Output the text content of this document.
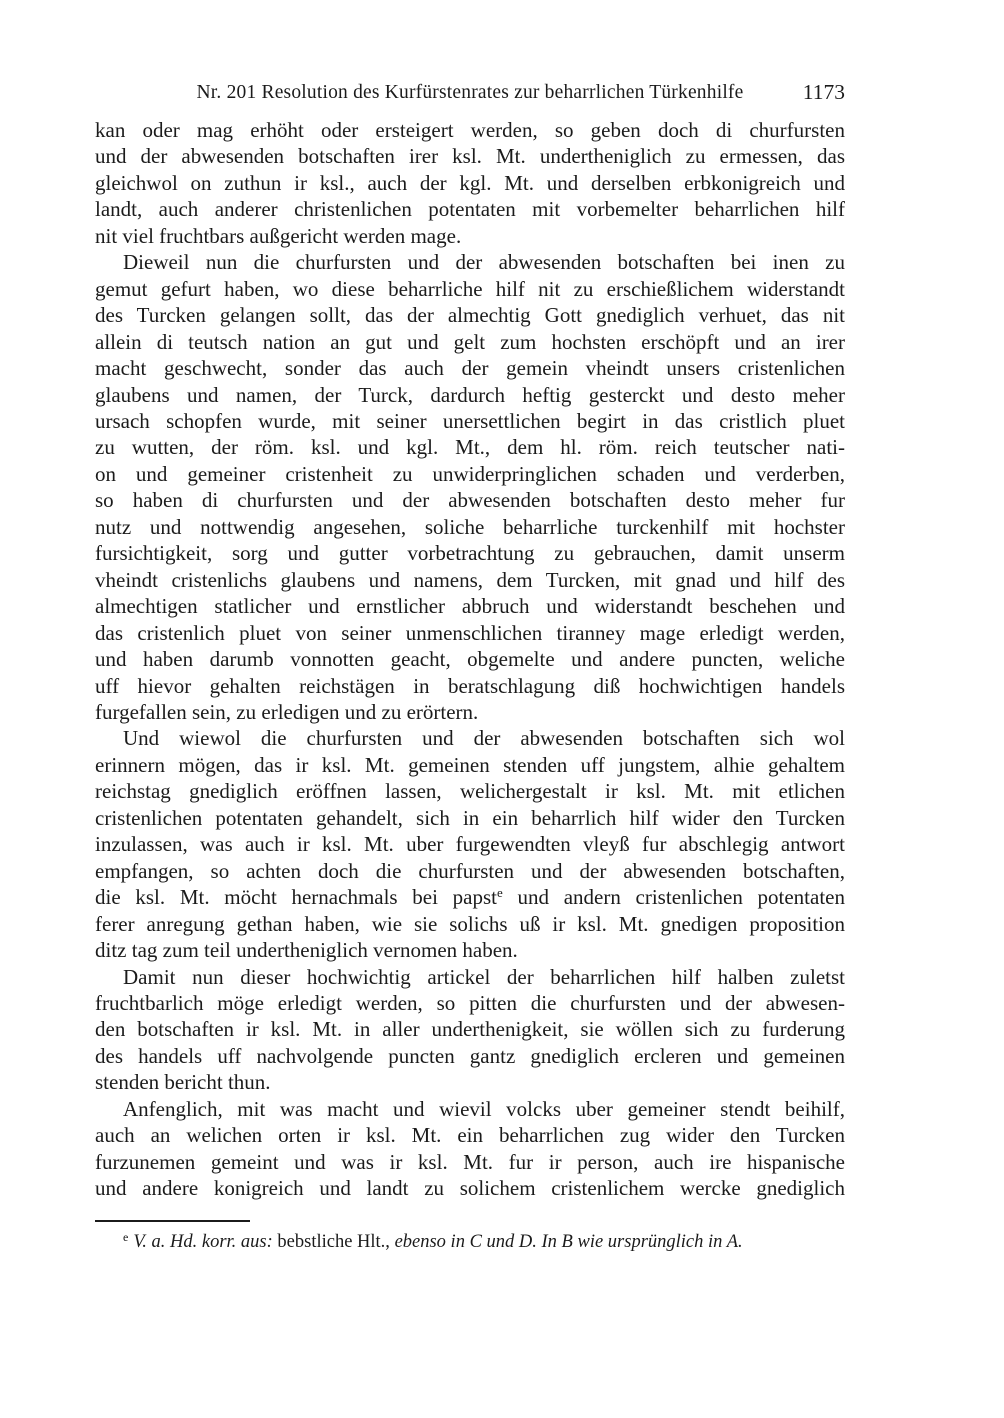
Nr. 201 Resolution des Kurfürstenrates zur beharrlichen Türkenhilfe	1173
kan oder mag erhöht oder ersteigert werden, so geben doch di churfursten
und der abwesenden botschaften irer ksl. Mt. undertheniglich zu ermessen, das
gleichwol on zuthun ir ksl., auch der kgl. Mt. und derselben erbkonigreich und
landt, auch anderer christenlichen potentaten mit vorbemelter beharrlichen hilf
nit viel fruchtbars außgericht werden mage.
Dieweil nun die churfursten und der abwesenden botschaften bei inen zu
gemut gefurt haben, wo diese beharrliche hilf nit zu erschießlichem widerstandt
des Turcken gelangen sollt, das der almechtig Gott gnediglich verhuet, das nit
allein di teutsch nation an gut und gelt zum hochsten erschöpft und an irer
macht geschwecht, sonder das auch der gemein vheindt unsers cristenlichen
glaubens und namen, der Turck, dardurch heftig gesterckt und desto meher
ursach schopfen wurde, mit seiner unersettlichen begirt in das cristlich pluet
zu wutten, der röm. ksl. und kgl. Mt., dem hl. röm. reich teutscher nati-
on und gemeiner cristenheit zu unwiderpringlichen schaden und verderben,
so haben di churfursten und der abwesenden botschaften desto meher fur
nutz und nottwendig angesehen, soliche beharrliche turckenhilf mit hochster
fursichtigkeit, sorg und gutter vorbetrachtung zu gebrauchen, damit unserm
vheindt cristenlichs glaubens und namens, dem Turcken, mit gnad und hilf des
almechtigen statlicher und ernstlicher abbruch und widerstandt beschehen und
das cristenlich pluet von seiner unmenschlichen tiranney mage erledigt werden,
und haben darumb vonnotten geacht, obgemelte und andere puncten, weliche
uff hievor gehalten reichstägen in beratschlagung diß hochwichtigen handels
furgefallen sein, zu erledigen und zu erörtern.
Und wiewol die churfursten und der abwesenden botschaften sich wol
erinnern mögen, das ir ksl. Mt. gemeinen stenden uff jungstem, alhie gehaltem
reichstag gnediglich eröffnen lassen, welichergestalt ir ksl. Mt. mit etlichen
cristenlichen potentaten gehandelt, sich in ein beharrlich hilf wider den Turcken
inzulassen, was auch ir ksl. Mt. uber furgewendten vleyß fur abschlegig antwort
empfangen, so achten doch die churfursten und der abwesenden botschaften,
die ksl. Mt. möcht hernachmals bei papst$^e$ und andern cristenlichen potentaten
ferer anregung gethan haben, wie sie solichs uß ir ksl. Mt. gnedigen proposition
ditz tag zum teil undertheniglich vernomen haben.
Damit nun dieser hochwichtig artickel der beharrlichen hilf halben zuletst
fruchtbarlich möge erledigt werden, so pitten die churfursten und der abwesen-
den botschaften ir ksl. Mt. in aller underthenigkeit, sie wöllen sich zu furderung
des handels uff nachvolgende puncten gantz gnediglich ercleren und gemeinen
stenden bericht thun.
Anfenglich, mit was macht und wievil volcks uber gemeiner stendt beihilf,
auch an welichen orten ir ksl. Mt. ein beharrlichen zug wider den Turcken
furzunemen gemeint und was ir ksl. Mt. fur ir person, auch ire hispanische
und andere konigreich und landt zu solichem cristenlichem wercke gnediglich
$^e$ V. a. Hd. korr. aus: bebstliche Hlt., ebenso in C und D. In B wie ursprünglich in A.
